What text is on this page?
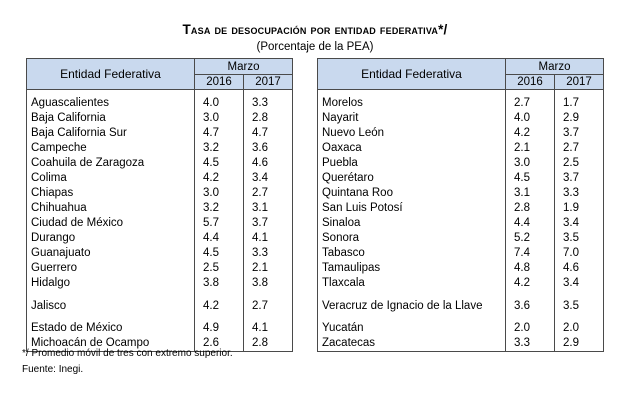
Tasa de desocupación por entidad federativa*/
(Porcentaje de la PEA)
Entidad Federativa	Marzo	
	2016	2017

Aguascalientes	4.0	3.3
Baja California	3.0	2.8
Baja California Sur	4.7	4.7
Campeche	3.2	3.6
Coahuila de Zaragoza	4.5	4.6
Colima	4.2	3.4
Chiapas	3.0	2.7
Chihuahua	3.2	3.1
Ciudad de México	5.7	3.7
Durango	4.4	4.1
Guanajuato	4.5	3.3
Guerrero	2.5	2.1
Hidalgo	3.8	3.8
Jalisco	4.2	2.7
Estado de México	4.9	4.1
Michoacán de Ocampo	2.6	2.8
Entidad Federativa	Marzo	
	2016	2017

Morelos	2.7	1.7
Nayarit	4.0	2.9
Nuevo León	4.2	3.7
Oaxaca	2.1	2.7
Puebla	3.0	2.5
Querétaro	4.5	3.7
Quintana Roo	3.1	3.3
San Luis Potosí	2.8	1.9
Sinaloa	4.4	3.4
Sonora	5.2	3.5
Tabasco	7.4	7.0
Tamaulipas	4.8	4.6
Tlaxcala	4.2	3.4
Veracruz de Ignacio de la Llave	3.6	3.5
Yucatán	2.0	2.0
Zacatecas	3.3	2.9
*/ Promedio móvil de tres con extremo superior.
Fuente: Inegi.
